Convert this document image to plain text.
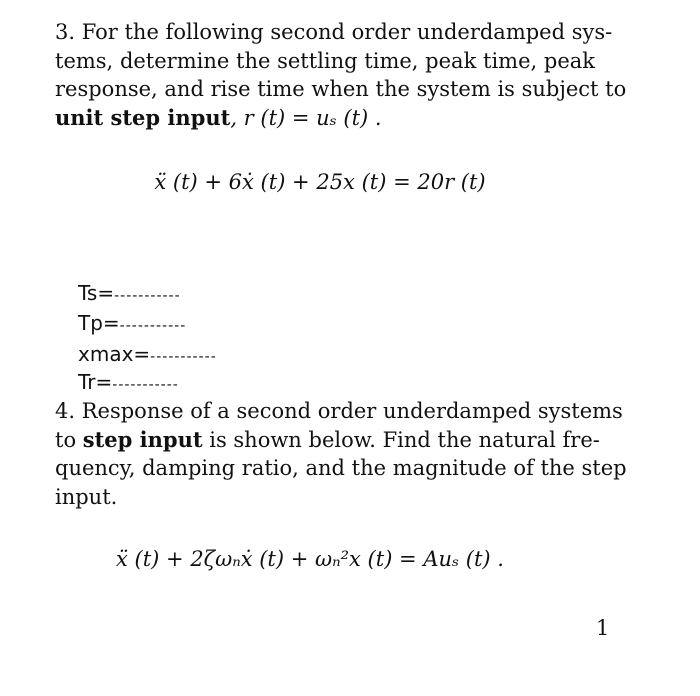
3. For the following second order underdamped sys-
tems, determine the settling time, peak time, peak
response, and rise time when the system is subject to
unit step input, r (t) = uₛ (t) .
ẍ (t) + 6ẋ (t) + 25x (t) = 20r (t)
Ts=-----------
Tp=-----------
xmax=-----------
Tr=-----------
4. Response of a second order underdamped systems
to step input is shown below. Find the natural fre-
quency, damping ratio, and the magnitude of the step
input.
ẍ (t) + 2ζωₙẋ (t) + ωₙ²x (t) = Auₛ (t) .
1
